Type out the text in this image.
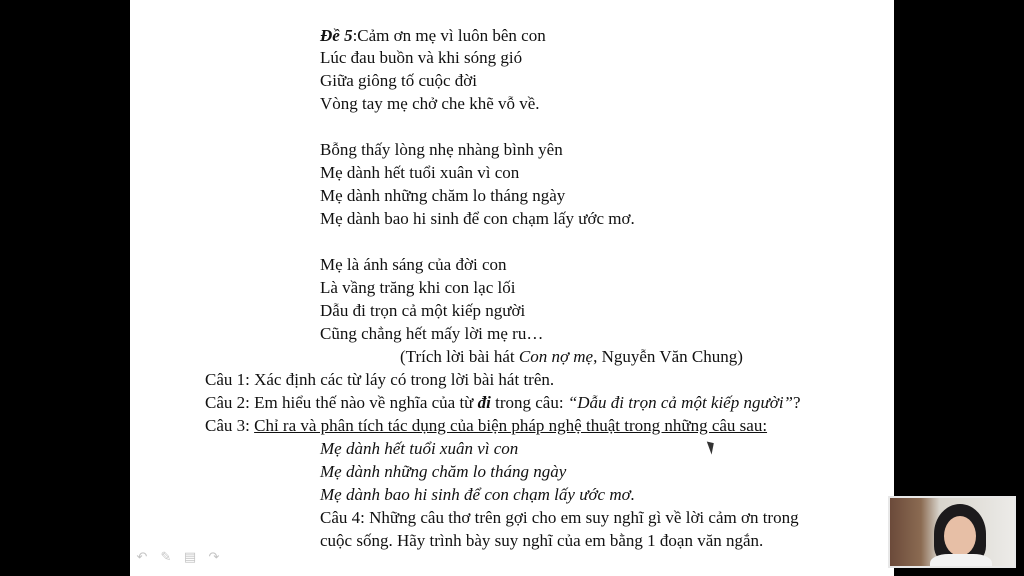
Đề 5:Cảm ơn mẹ vì luôn bên con
Lúc đau buồn và khi sóng gió
Giữa giông tố cuộc đời
Vòng tay mẹ chở che khẽ vỗ về.
Bỗng thấy lòng nhẹ nhàng bình yên
Mẹ dành hết tuổi xuân vì con
Mẹ dành những chăm lo tháng ngày
Mẹ dành bao hi sinh để con chạm lấy ước mơ.
Mẹ là ánh sáng của đời con
Là vầng trăng khi con lạc lối
Dẫu đi trọn cả một kiếp người
Cũng chẳng hết mấy lời mẹ ru…
(Trích lời bài hát Con nợ mẹ, Nguyễn Văn Chung)
Câu 1: Xác định các từ láy có trong lời bài hát trên.
Câu 2: Em hiểu thế nào về nghĩa của từ đi trong câu: “Dẫu đi trọn cả một kiếp người”?
Câu 3: Chỉ ra và phân tích tác dụng của biện pháp nghệ thuật trong những câu sau:
Mẹ dành hết tuổi xuân vì con
Mẹ dành những chăm lo tháng ngày
Mẹ dành bao hi sinh để con chạm lấy ước mơ.
Câu 4: Những câu thơ trên gợi cho em suy nghĩ gì về lời cảm ơn trong
cuộc sống. Hãy trình bày suy nghĩ của em bằng 1 đoạn văn ngắn.
↶ ✎ ▤ ↷
